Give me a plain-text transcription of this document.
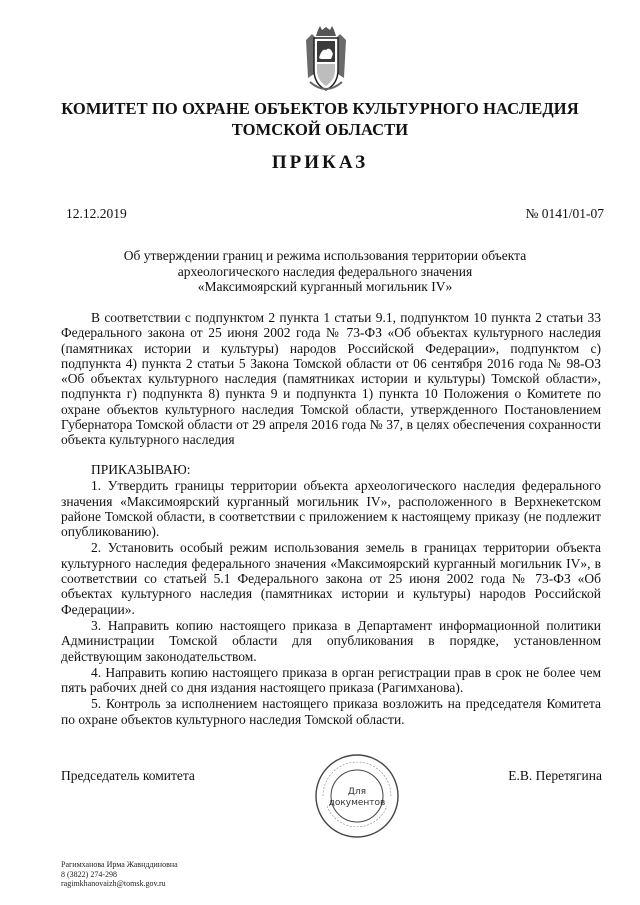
КОМИТЕТ ПО ОХРАНЕ ОБЪЕКТОВ КУЛЬТУРНОГО НАСЛЕДИЯ
ТОМСКОЙ ОБЛАСТИ
ПРИКАЗ
12.12.2019	№ 0141/01-07
Об утверждении границ и режима использования территории объекта
археологического наследия федерального значения
«Максимоярский курганный могильник IV»

В соответствии с подпунктом 2 пункта 1 статьи 9.1, подпунктом 10 пункта 2 статьи 33 Федерального закона от 25 июня 2002 года № 73-ФЗ «Об объектах культурного наследия (памятниках истории и культуры) народов Российской Федерации», подпунктом с) подпункта 4) пункта 2 статьи 5 Закона Томской области от 06 сентября 2016 года № 98-ОЗ «Об объектах культурного наследия (памятниках истории и культуры) Томской области», подпункта г) подпункта 8) пункта 9 и подпункта 1) пункта 10 Положения о Комитете по охране объектов культурного наследия Томской области, утвержденного Постановлением Губернатора Томской области от 29 апреля 2016 года № 37, в целях обеспечения сохранности объекта культурного наследия

ПРИКАЗЫВАЮ:

1. Утвердить границы территории объекта археологического наследия федерального значения «Максимоярский курганный могильник IV», расположенного в Верхнекетском районе Томской области, в соответствии с приложением к настоящему приказу (не подлежит опубликованию).

2. Установить особый режим использования земель в границах территории объекта культурного наследия федерального значения «Максимоярский курганный могильник IV», в соответствии со статьей 5.1 Федерального закона от 25 июня 2002 года № 73-ФЗ «Об объектах культурного наследия (памятниках истории и культуры) народов Российской Федерации».

3. Направить копию настоящего приказа в Департамент информационной политики Администрации Томской области для опубликования в порядке, установленном действующим законодательством.

4. Направить копию настоящего приказа в орган регистрации прав в срок не более чем пять рабочих дней со дня издания настоящего приказа (Рагимханова).

5. Контроль за исполнением настоящего приказа возложить на председателя Комитета по охране объектов культурного наследия Томской области.

Председатель комитета	Е.В. Перетягина
Для документов
Рагимханова Ирма Жавнддиновна
8 (3822) 274-298
ragimkhanovaizh@tomsk.gov.ru
